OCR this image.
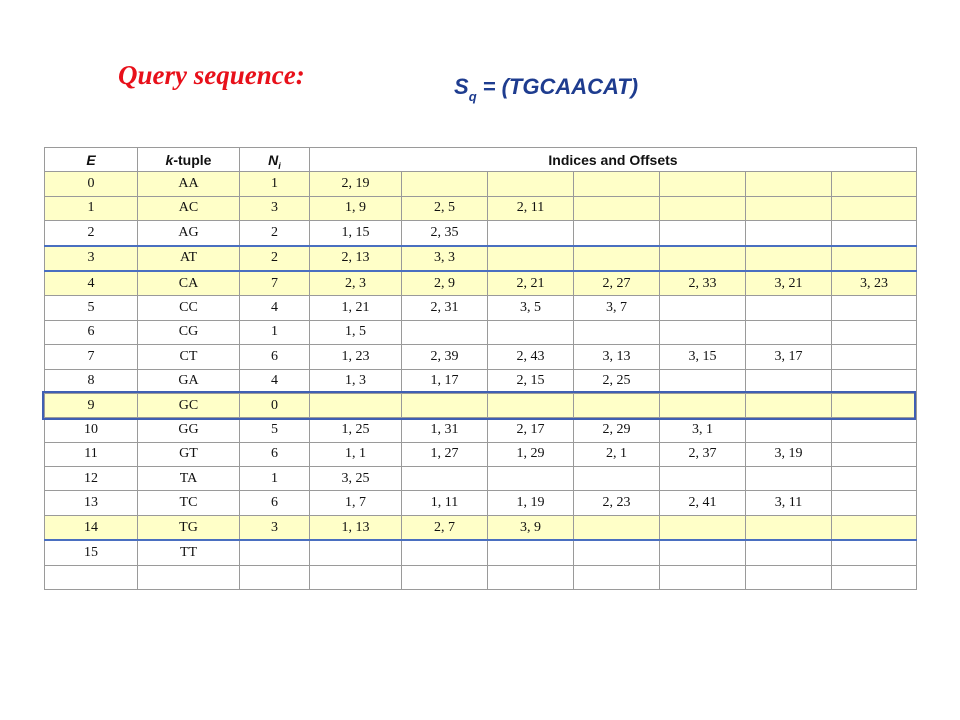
Query sequence:	$S_q$ = (TGCAACAT)
E	k-tuple	$N_i$	Indices and Offsets						
0	AA	1	2, 19						
1	AC	3	1, 9	2, 5	2, 11				
2	AG	2	1, 15	2, 35					
3	AT	2	2, 13	3, 3					
4	CA	7	2, 3	2, 9	2, 21	2, 27	2, 33	3, 21	3, 23
5	CC	4	1, 21	2, 31	3, 5	3, 7			
6	CG	1	1, 5						
7	CT	6	1, 23	2, 39	2, 43	3, 13	3, 15	3, 17	
8	GA	4	1, 3	1, 17	2, 15	2, 25			
9	GC	0							
10	GG	5	1, 25	1, 31	2, 17	2, 29	3, 1		
11	GT	6	1, 1	1, 27	1, 29	2, 1	2, 37	3, 19	
12	TA	1	3, 25						
13	TC	6	1, 7	1, 11	1, 19	2, 23	2, 41	3, 11	
14	TG	3	1, 13	2, 7	3, 9				
15	TT								
